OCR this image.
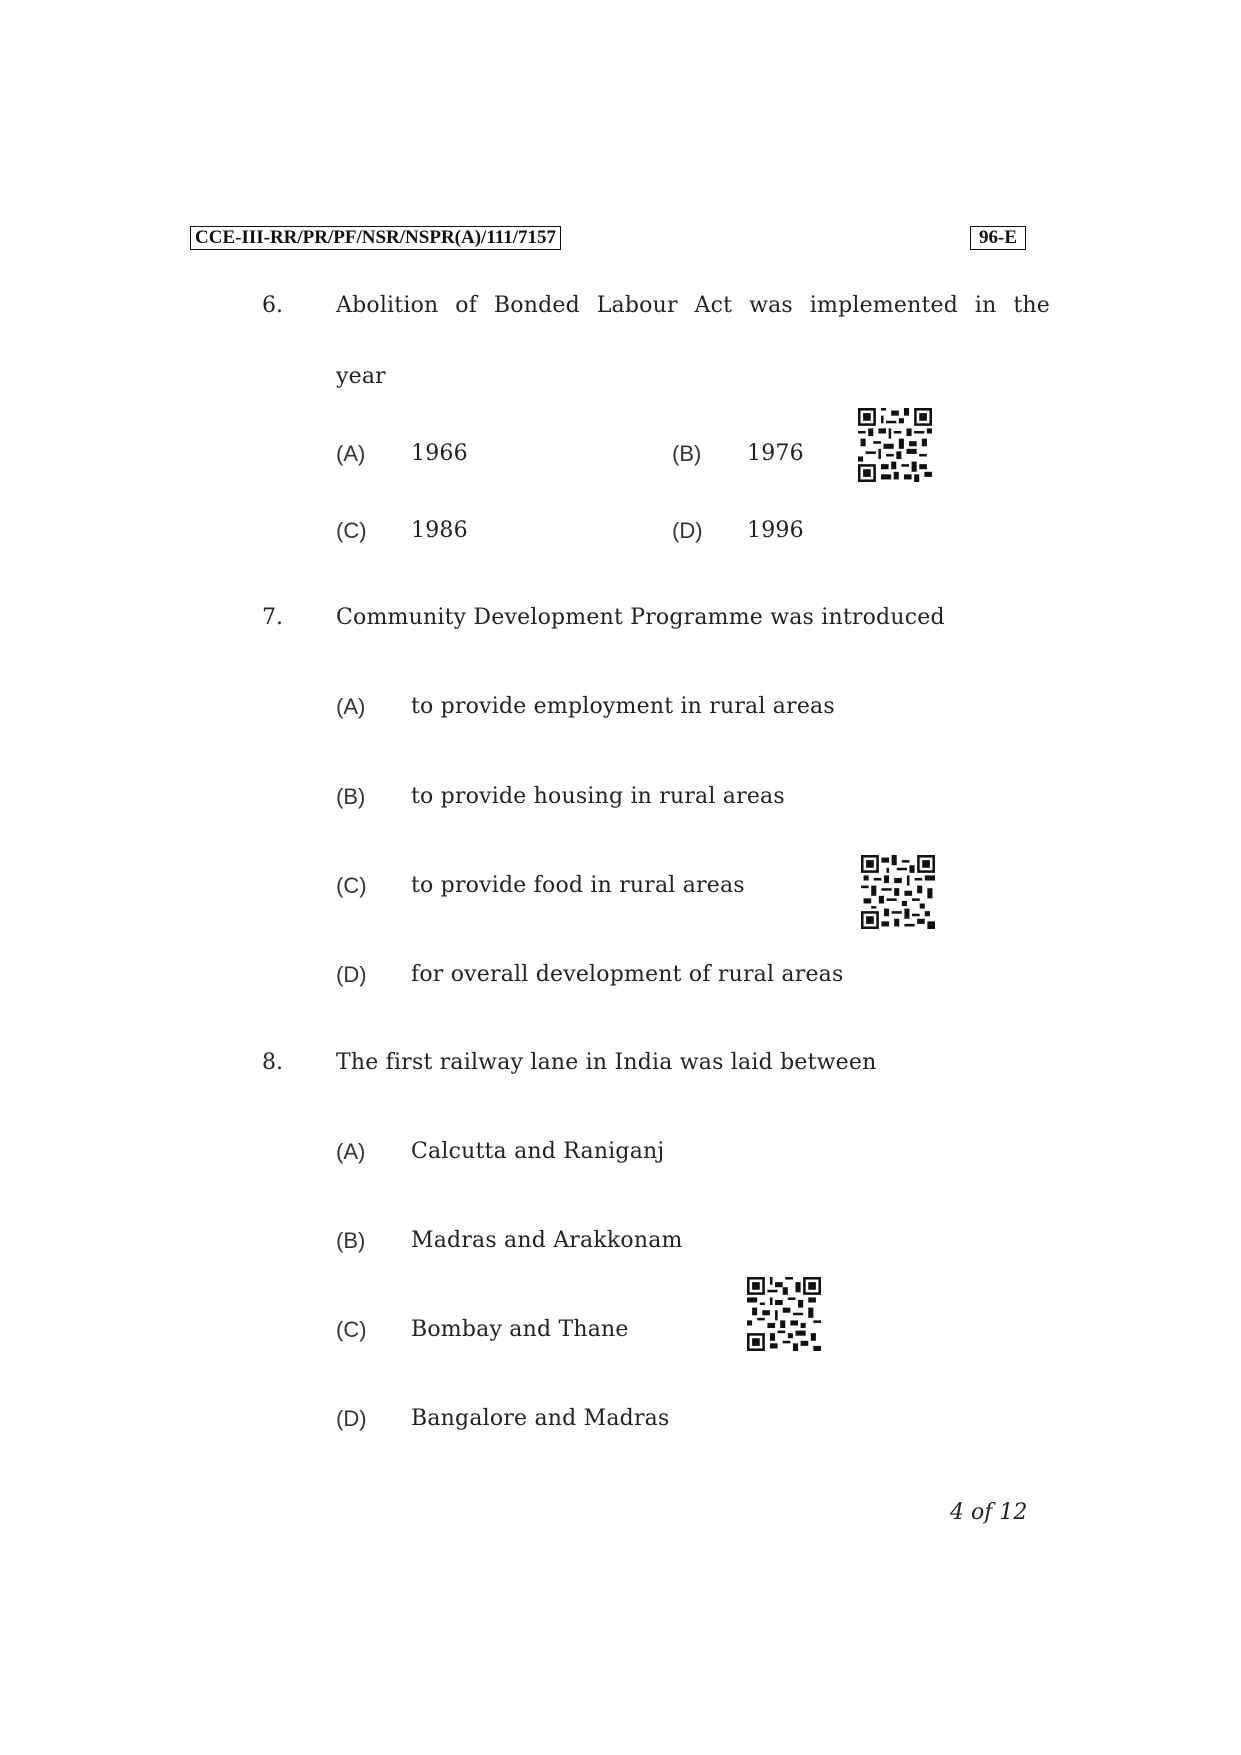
CCE-III-RR/PR/PF/NSR/NSPR(A)/111/7157	96-E
6. Abolition of Bonded Labour Act was implemented in the
year
(A) 1966	(B) 1976
(C) 1986	(D) 1996
7. Community Development Programme was introduced
(A) to provide employment in rural areas
(B) to provide housing in rural areas
(C) to provide food in rural areas
(D) for overall development of rural areas
8. The first railway lane in India was laid between
(A) Calcutta and Raniganj
(B) Madras and Arakkonam
(C) Bombay and Thane
(D) Bangalore and Madras
4 of 12
